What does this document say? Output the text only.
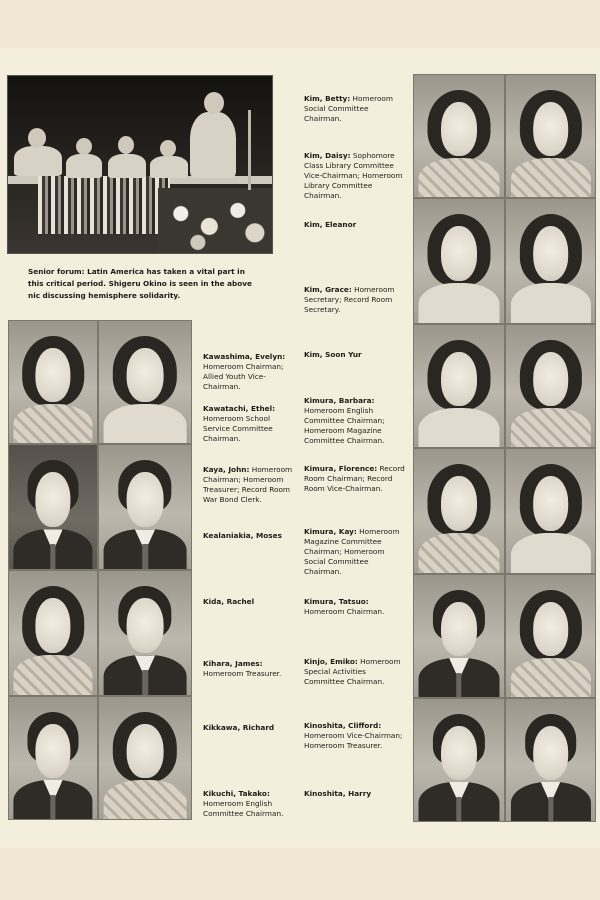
Senior forum: Latin America has taken a vital part in this critical period. Shigeru Okino is seen in the above nic discussing hemisphere solidarity.
Kim, Betty: Homeroom Social Committee Chairman.
Kim, Daisy: Sophomore Class Library Committee Vice-Chairman; Homeroom Library Committee Chairman.
Kim, Eleanor
Kim, Grace: Homeroom Secretary; Record Room Secretary.
Kawashima, Evelyn: Homeroom Chairman; Allied Youth Vice-Chairman.
Kawatachi, Ethel: Homeroom School Service Committee Chairman.
Kaya, John: Homeroom Chairman; Homeroom Treasurer; Record Room War Bond Clerk.
Kealaniakia, Moses
Kida, Rachel
Kihara, James: Homeroom Treasurer.
Kikkawa, Richard
Kikuchi, Takako: Homeroom English Committee Chairman.
Kim, Soon Yur
Kimura, Barbara: Homeroom English Committee Chairman; Homeroom Magazine Committee Chairman.
Kimura, Florence: Record Room Chairman; Record Room Vice-Chairman.
Kimura, Kay: Homeroom Magazine Committee Chairman; Homeroom Social Committee Chairman.
Kimura, Tatsuo: Homeroom Chairman.
Kinjo, Emiko: Homeroom Special Activities Committee Chairman.
Kinoshita, Clifford: Homeroom Vice-Chairman; Homeroom Treasurer.
Kinoshita, Harry
